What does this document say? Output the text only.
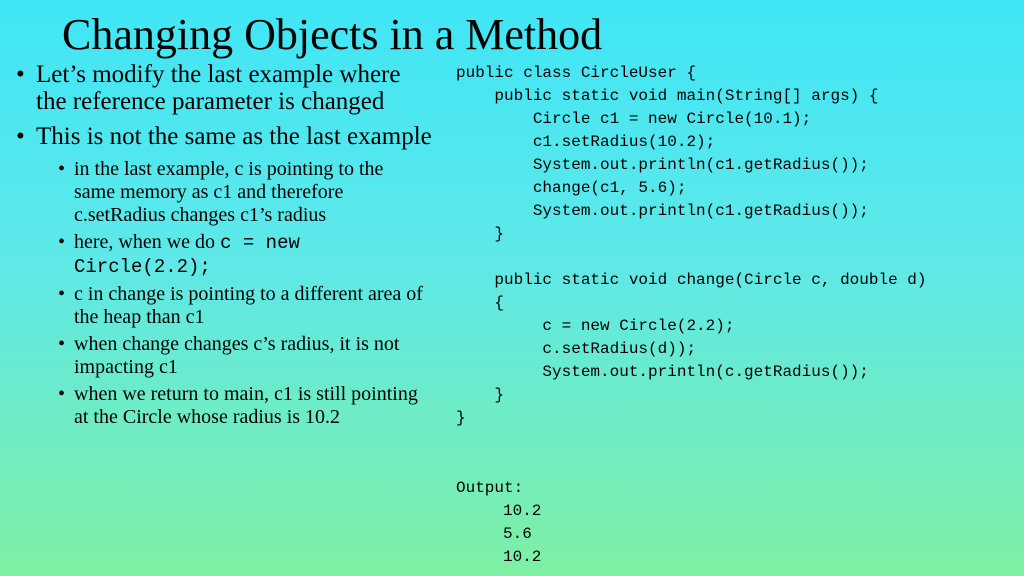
Changing Objects in a Method
• Let’s modify the last example where the reference parameter is changed
• This is not the same as the last example
• in the last example, c is pointing to the same memory as c1 and therefore c.setRadius changes c1’s radius
• here, when we do c = new Circle(2.2);
• c in change is pointing to a different area of the heap than c1
• when change changes c’s radius, it is not impacting c1
• when we return to main, c1 is still pointing at the Circle whose radius is 10.2
public class CircleUser {
public static void main(String[] args) {
Circle c1 = new Circle(10.1);
c1.setRadius(10.2);
System.out.println(c1.getRadius());
change(c1, 5.6);
System.out.println(c1.getRadius());
}

public static void change(Circle c, double d)
{
c = new Circle(2.2);
c.setRadius(d));
System.out.println(c.getRadius());
}
}
Output:
10.2
5.6
10.2
